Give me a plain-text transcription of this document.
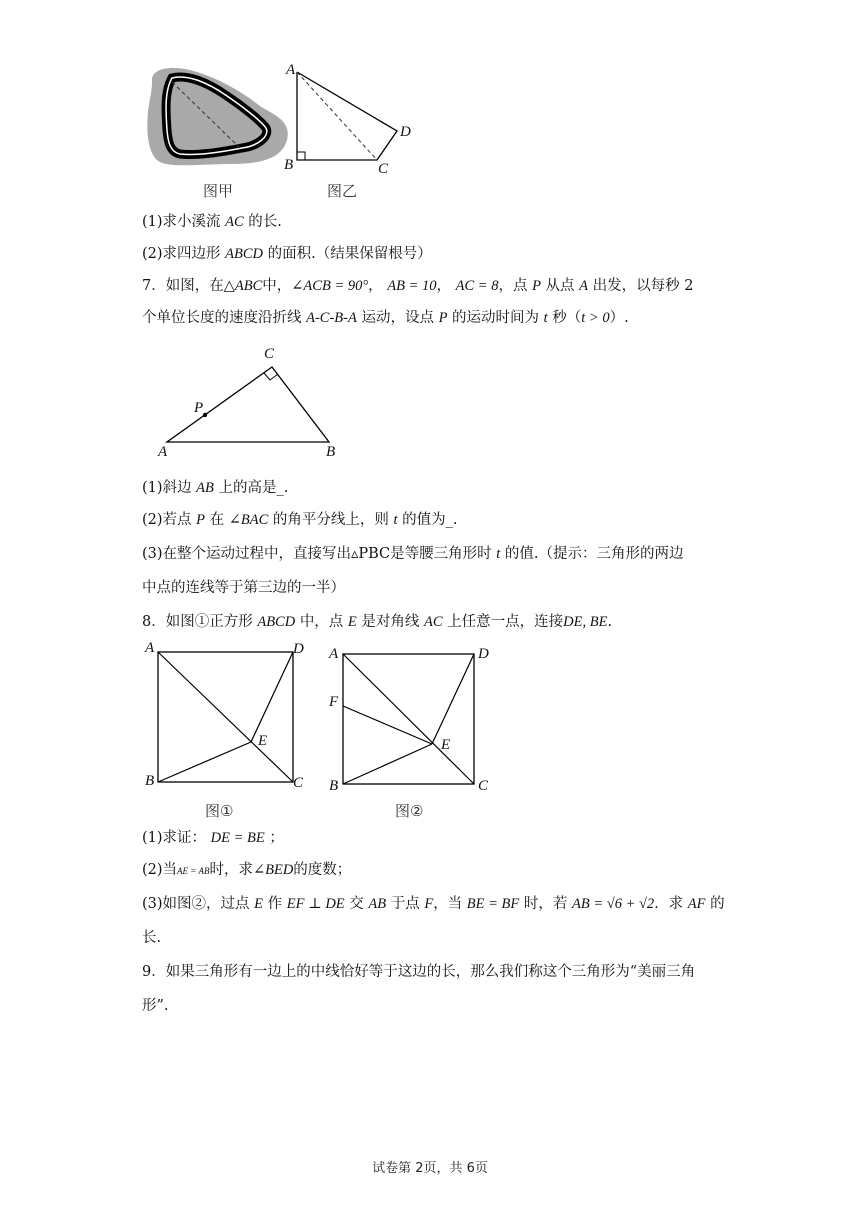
图甲
A
B	C
D
图乙
(1)求小溪流 AC 的长.
(2)求四边形 ABCD 的面积.（结果保留根号）
7．如图，在△ABC中，∠ACB = 90°， AB = 10， AC = 8，点 P 从点 A 出发，以每秒 2
个单位长度的速度沿折线 A-C-B-A 运动，设点 P 的运动时间为 t 秒（t > 0）.
C
P
A	B
(1)斜边 AB 上的高是_.
(2)若点 P 在 ∠BAC 的角平分线上，则 t 的值为_.
(3)在整个运动过程中，直接写出▵PBC是等腰三角形时 t 的值.（提示：三角形的两边
中点的连线等于第三边的一半）
8．如图①正方形 ABCD 中，点 E 是对角线 AC 上任意一点，连接DE, BE.
A	D
E
B	C
图①
A	D
F
E
B	C
图②
(1)求证： DE = BE ；
(2)当AE = AB时，求∠BED的度数；
(3)如图②，过点 E 作 EF ⊥ DE 交 AB 于点 F，当 BE = BF 时，若 AB = √6 + √2．求 AF 的
长.
9．如果三角形有一边上的中线恰好等于这边的长，那么我们称这个三角形为“美丽三角
形”.
试卷第 2页，共 6页
